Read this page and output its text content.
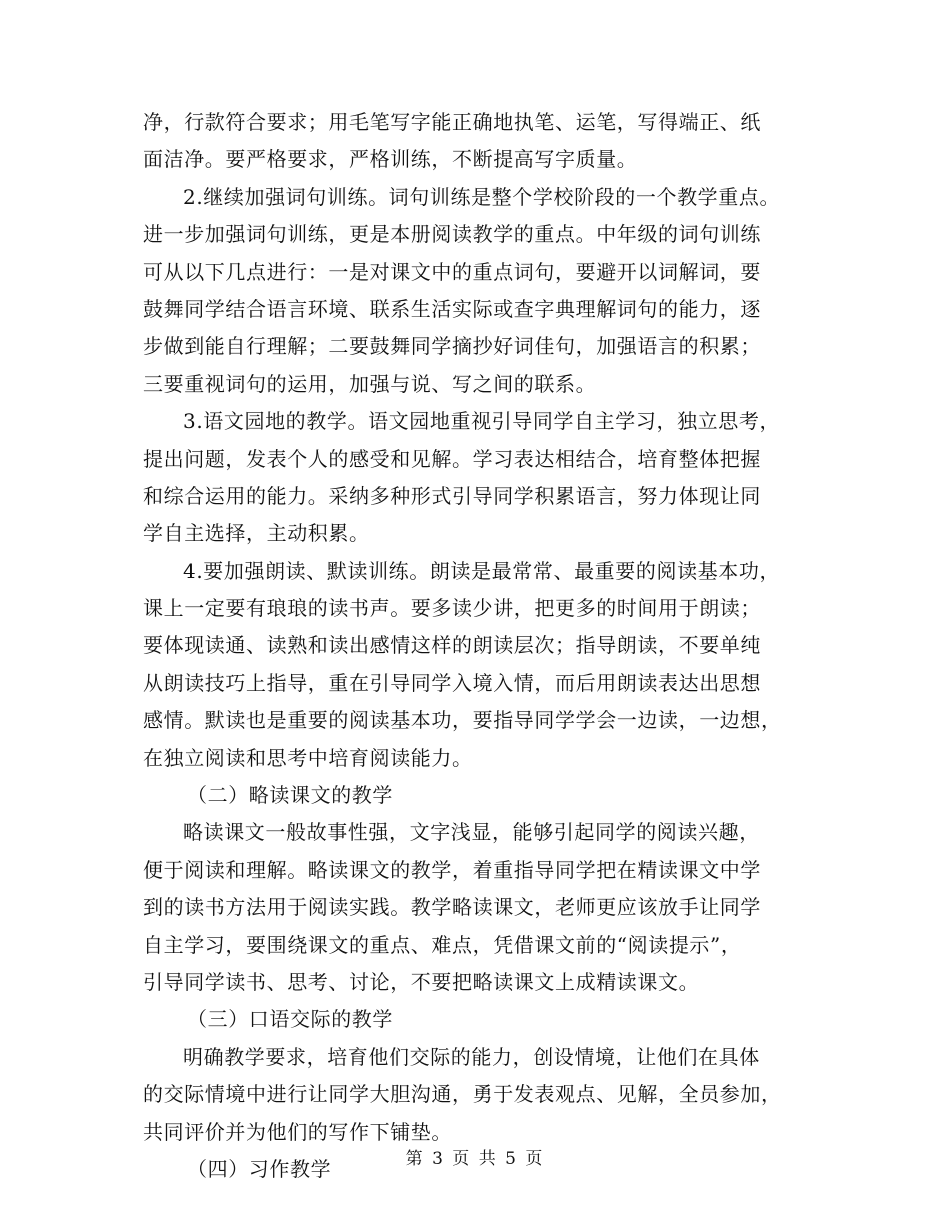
净，行款符合要求；用毛笔写字能正确地执笔、运笔，写得端正、纸
面洁净。要严格要求，严格训练，不断提高写字质量。
2.继续加强词句训练。词句训练是整个学校阶段的一个教学重点。
进一步加强词句训练，更是本册阅读教学的重点。中年级的词句训练
可从以下几点进行：一是对课文中的重点词句，要避开以词解词，要
鼓舞同学结合语言环境、联系生活实际或查字典理解词句的能力，逐
步做到能自行理解；二要鼓舞同学摘抄好词佳句，加强语言的积累；
三要重视词句的运用，加强与说、写之间的联系。
3.语文园地的教学。语文园地重视引导同学自主学习，独立思考，
提出问题，发表个人的感受和见解。学习表达相结合，培育整体把握
和综合运用的能力。采纳多种形式引导同学积累语言，努力体现让同
学自主选择，主动积累。
4.要加强朗读、默读训练。朗读是最常常、最重要的阅读基本功，
课上一定要有琅琅的读书声。要多读少讲，把更多的时间用于朗读；
要体现读通、读熟和读出感情这样的朗读层次；指导朗读，不要单纯
从朗读技巧上指导，重在引导同学入境入情，而后用朗读表达出思想
感情。默读也是重要的阅读基本功，要指导同学学会一边读，一边想，
在独立阅读和思考中培育阅读能力。
（二）略读课文的教学
略读课文一般故事性强，文字浅显，能够引起同学的阅读兴趣，
便于阅读和理解。略读课文的教学，着重指导同学把在精读课文中学
到的读书方法用于阅读实践。教学略读课文，老师更应该放手让同学
自主学习，要围绕课文的重点、难点，凭借课文前的“阅读提示”，
引导同学读书、思考、讨论，不要把略读课文上成精读课文。
（三）口语交际的教学
明确教学要求，培育他们交际的能力，创设情境，让他们在具体
的交际情境中进行让同学大胆沟通，勇于发表观点、见解，全员参加，
共同评价并为他们的写作下铺垫。
（四）习作教学	第 3 页 共 5 页
